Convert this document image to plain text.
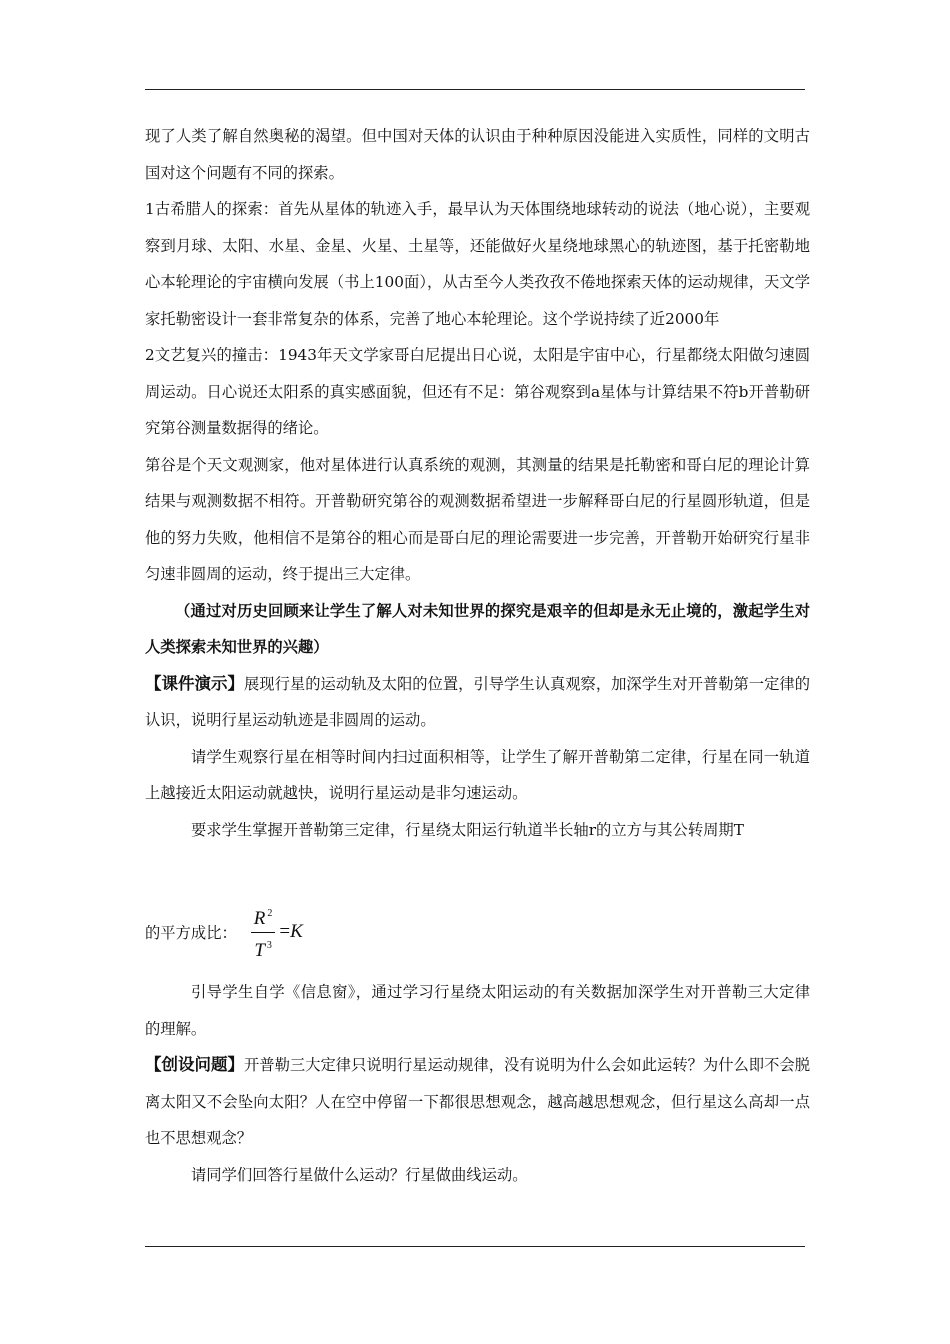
现了人类了解自然奥秘的渴望。但中国对天体的认识由于种种原因没能进入实质性，同样的文明古国对这个问题有不同的探索。

1古希腊人的探索：首先从星体的轨迹入手，最早认为天体围绕地球转动的说法（地心说），主要观察到月球、太阳、水星、金星、火星、土星等，还能做好火星绕地球黑心的轨迹图，基于托密勒地心本轮理论的宇宙横向发展（书上100面），从古至今人类孜孜不倦地探索天体的运动规律，天文学家托勒密设计一套非常复杂的体系，完善了地心本轮理论。这个学说持续了近2000年

2文艺复兴的撞击：1943年天文学家哥白尼提出日心说，太阳是宇宙中心，行星都绕太阳做匀速圆周运动。日心说还太阳系的真实感面貌，但还有不足：第谷观察到a星体与计算结果不符b开普勒研究第谷测量数据得的绪论。

第谷是个天文观测家，他对星体进行认真系统的观测，其测量的结果是托勒密和哥白尼的理论计算结果与观测数据不相符。开普勒研究第谷的观测数据希望进一步解释哥白尼的行星圆形轨道，但是他的努力失败，他相信不是第谷的粗心而是哥白尼的理论需要进一步完善，开普勒开始研究行星非匀速非圆周的运动，终于提出三大定律。

（通过对历史回顾来让学生了解人对未知世界的探究是艰辛的但却是永无止境的，激起学生对人类探索未知世界的兴趣）

【课件演示】展现行星的运动轨及太阳的位置，引导学生认真观察，加深学生对开普勒第一定律的认识，说明行星运动轨迹是非圆周的运动。

请学生观察行星在相等时间内扫过面积相等，让学生了解开普勒第二定律，行星在同一轨道上越接近太阳运动就越快，说明行星运动是非匀速运动。

要求学生掌握开普勒第三定律，行星绕太阳运行轨道半长轴r的立方与其公转周期T

的平方成比： $\frac{R ^2}{T ^3} =K$

引导学生自学《信息窗》，通过学习行星绕太阳运动的有关数据加深学生对开普勒三大定律的理解。

【创设问题】开普勒三大定律只说明行星运动规律，没有说明为什么会如此运转？为什么即不会脱离太阳又不会坠向太阳？人在空中停留一下都很思想观念，越高越思想观念，但行星这么高却一点也不思想观念？

请同学们回答行星做什么运动？行星做曲线运动。
